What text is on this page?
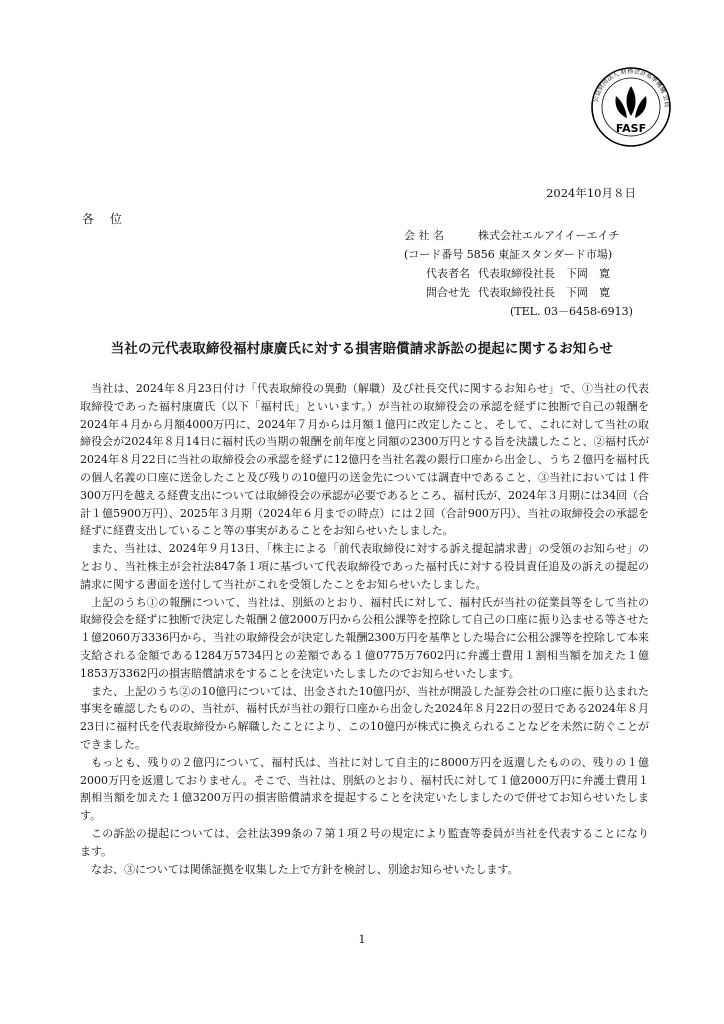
公益財団法人 財務会計基準機構 会員
FASF
2024年10月８日
各 位
会 社 名	株式会社エルアイイーエイチ
(コード番号 5856 東証スタンダード市場)
代表者名 代表取締役社長　下岡　寛
問合せ先 代表取締役社長　下岡　寛
(TEL. 03－6458-6913)
当社の元代表取締役福村康廣氏に対する損害賠償請求訴訟の提起に関するお知らせ

当社は、2024年８月23日付け「代表取締役の異動（解職）及び社長交代に関するお知らせ」で、①当社の代表取締役であった福村康廣氏（以下「福村氏」といいます。）が当社の取締役会の承認を経ずに独断で自己の報酬を2024年４月から月額4000万円に、2024年７月からは月額１億円に改定したこと、そして、これに対して当社の取締役会が2024年８月14日に福村氏の当期の報酬を前年度と同額の2300万円とする旨を決議したこと、②福村氏が2024年８月22日に当社の取締役会の承認を経ずに12億円を当社名義の銀行口座から出金し、うち２億円を福村氏の個人名義の口座に送金したこと及び残りの10億円の送金先については調査中であること、③当社においては１件300万円を越える経費支出については取締役会の承認が必要であるところ、福村氏が、2024年３月期には34回（合計１億5900万円）、2025年３月期（2024年６月までの時点）には２回（合計900万円）、当社の取締役会の承認を経ずに経費支出していること等の事実があることをお知らせいたしました。

また、当社は、2024年９月13日、「株主による「前代表取締役に対する訴え提起請求書」の受領のお知らせ」のとおり、当社株主が会社法847条１項に基づいて代表取締役であった福村氏に対する役員責任追及の訴えの提起の請求に関する書面を送付して当社がこれを受領したことをお知らせいたしました。

上記のうち①の報酬について、当社は、別紙のとおり、福村氏に対して、福村氏が当社の従業員等をして当社の取締役会を経ずに独断で決定した報酬２億2000万円から公租公課等を控除して自己の口座に振り込ませる等させた１億2060万3336円から、当社の取締役会が決定した報酬2300万円を基準とした場合に公租公課等を控除して本来支給される金額である1284万5734円との差額である１億0775万7602円に弁護士費用１割相当額を加えた１億1853万3362円の損害賠償請求をすることを決定いたしましたのでお知らせいたします。

また、上記のうち②の10億円については、出金された10億円が、当社が開設した証券会社の口座に振り込まれた事実を確認したものの、当社が、福村氏が当社の銀行口座から出金した2024年８月22日の翌日である2024年８月23日に福村氏を代表取締役から解職したことにより、この10億円が株式に換えられることなどを未然に防ぐことができました。

もっとも、残りの２億円について、福村氏は、当社に対して自主的に8000万円を返還したものの、残りの１億2000万円を返還しておりません。そこで、当社は、別紙のとおり、福村氏に対して１億2000万円に弁護士費用１割相当額を加えた１億3200万円の損害賠償請求を提起することを決定いたしましたので併せてお知らせいたします。

この訴訟の提起については、会社法399条の７第１項２号の規定により監査等委員が当社を代表することになります。

なお、③については関係証拠を収集した上で方針を検討し、別途お知らせいたします。

1
